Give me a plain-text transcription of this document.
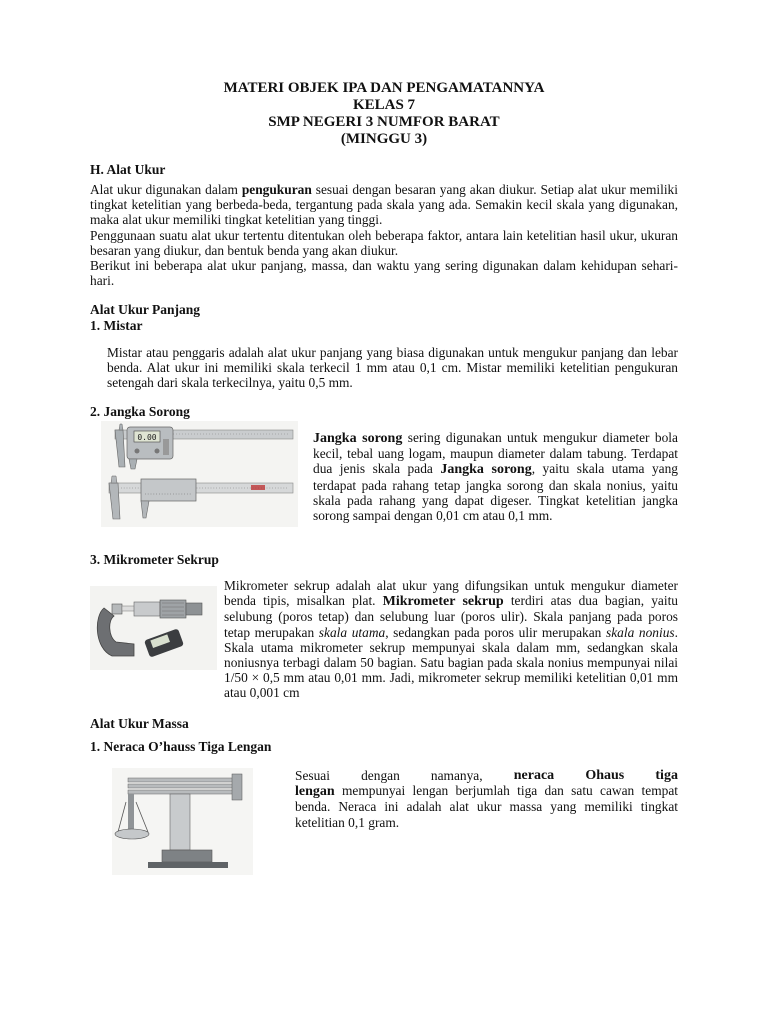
MATERI OBJEK IPA DAN PENGAMATANNYA
KELAS 7
SMP NEGERI 3 NUMFOR BARAT
(MINGGU 3)
H. Alat Ukur

Alat ukur digunakan dalam pengukuran sesuai dengan besaran yang akan diukur. Setiap alat ukur memiliki tingkat ketelitian yang berbeda-beda, tergantung pada skala yang ada. Semakin kecil skala yang digunakan, maka alat ukur memiliki tingkat ketelitian yang tinggi.

Penggunaan suatu alat ukur tertentu ditentukan oleh beberapa faktor, antara lain ketelitian hasil ukur, ukuran besaran yang diukur, dan bentuk benda yang akan diukur.

Berikut ini beberapa alat ukur panjang, massa, dan waktu yang sering digunakan dalam kehidupan sehari-hari.

Alat Ukur Panjang
1. Mistar
Mistar atau penggaris adalah alat ukur panjang yang biasa digunakan untuk mengukur panjang dan lebar benda. Alat ukur ini memiliki skala terkecil 1 mm atau 0,1 cm. Mistar memiliki ketelitian pengukuran setengah dari skala terkecilnya, yaitu 0,5 mm.
2. Jangka Sorong
0.00	Jangka sorong sering digunakan untuk mengukur diameter bola kecil, tebal uang logam, maupun diameter dalam tabung. Terdapat dua jenis skala pada Jangka sorong, yaitu skala utama yang terdapat pada rahang tetap jangka sorong dan skala nonius, yaitu skala pada rahang yang dapat digeser. Tingkat ketelitian jangka sorong sampai dengan 0,01 cm atau 0,1 mm.
3. Mikrometer Sekrup
Mikrometer sekrup adalah alat ukur yang difungsikan untuk mengukur diameter benda tipis, misalkan plat. Mikrometer sekrup terdiri atas dua bagian, yaitu selubung (poros tetap) dan selubung luar (poros ulir). Skala panjang pada poros tetap merupakan skala utama, sedangkan pada poros ulir merupakan skala nonius. Skala utama mikrometer sekrup mempunyai skala dalam mm, sedangkan skala noniusnya terbagi dalam 50 bagian. Satu bagian pada skala nonius mempunyai nilai 1/50 × 0,5 mm atau 0,01 mm. Jadi, mikrometer sekrup memiliki ketelitian 0,01 mm atau 0,001 cm
Alat Ukur Massa
1. Neraca O’hauss Tiga Lengan
Sesuai dengan namanya, neraca Ohaus tiga
lengan mempunyai lengan berjumlah tiga dan satu cawan tempat benda. Neraca ini adalah alat ukur massa yang memiliki tingkat ketelitian 0,1 gram.
